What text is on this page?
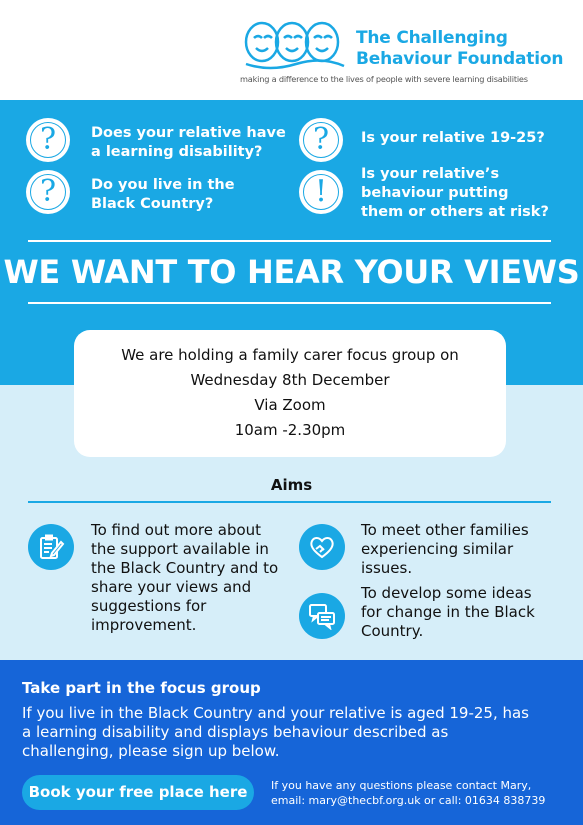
The Challenging
Behaviour Foundation
making a difference to the lives of people with severe learning disabilities
?	Does your relative have a learning disability?
?	Do you live in the Black Country?
?	Is your relative 19-25?
!	Is your relative’s behaviour putting them or others at risk?
WE WANT TO HEAR YOUR VIEWS
We are holding a family carer focus group on
Wednesday 8th December
Via Zoom
10am -2.30pm
Aims
To find out more about the support available in the Black Country and to share your views and suggestions for improvement.
To meet other families experiencing similar issues.
To develop some ideas for change in the Black Country.
Take part in the focus group
If you live in the Black Country and your relative is aged 19-25, has a learning disability and displays behaviour described as challenging, please sign up below.
Book your free place here	If you have any questions please contact Mary,
email: mary@thecbf.org.uk or call: 01634 838739
